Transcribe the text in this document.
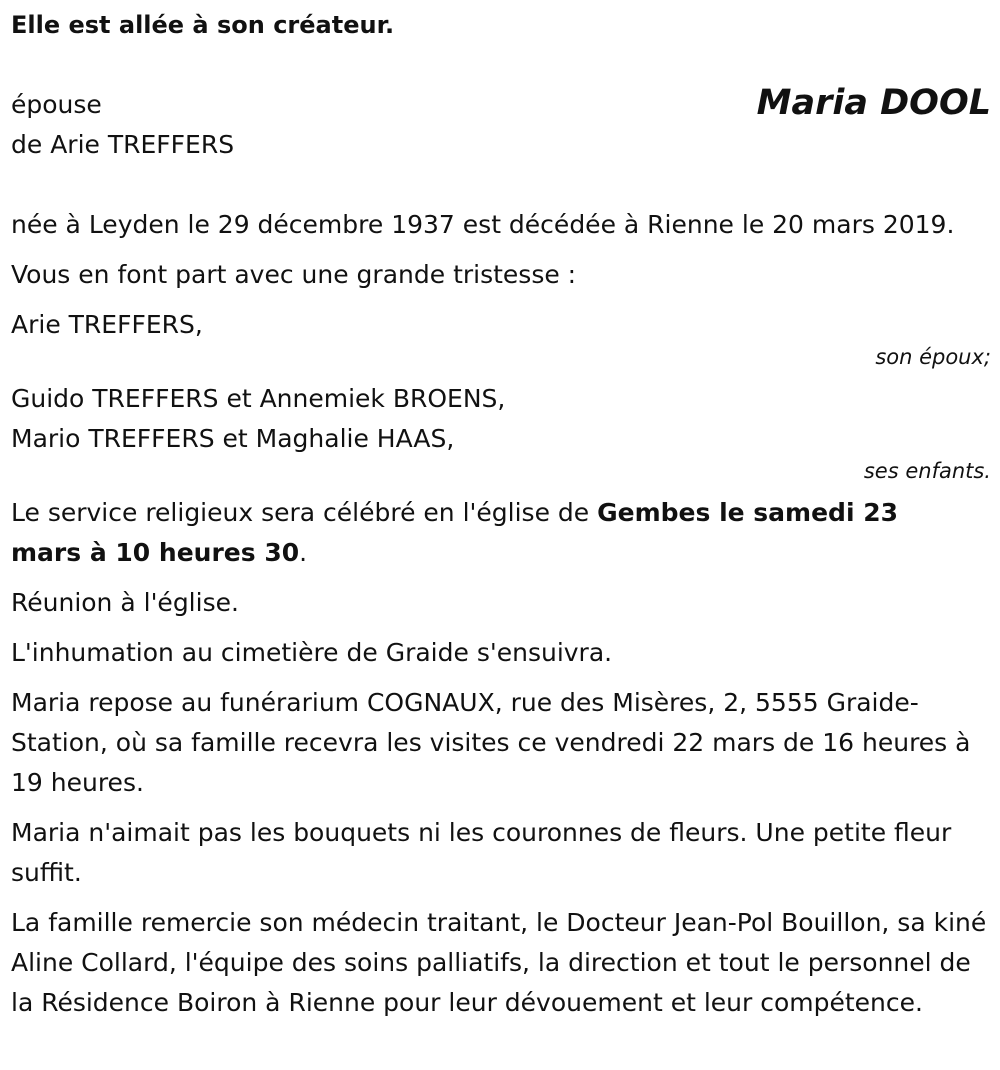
Elle est allée à son créateur.

épouse

de Arie TREFFERS

Maria DOOL

née à Leyden le 29 décembre 1937 est décédée à Rienne le 20 mars 2019.

Vous en font part avec une grande tristesse :

Arie TREFFERS,

son époux;

Guido TREFFERS et Annemiek BROENS,

Mario TREFFERS et Maghalie HAAS,

ses enfants.

Le service religieux sera célébré en l'église de Gembes le samedi 23 mars à 10 heures 30.

Réunion à l'église.

L'inhumation au cimetière de Graide s'ensuivra.

Maria repose au funérarium COGNAUX, rue des Misères, 2, 5555 Graide-Station, où sa famille recevra les visites ce vendredi 22 mars de 16 heures à 19 heures.

Maria n'aimait pas les bouquets ni les couronnes de fleurs. Une petite fleur suffit.

La famille remercie son médecin traitant, le Docteur Jean-Pol Bouillon, sa kiné Aline Collard, l'équipe des soins palliatifs, la direction et tout le personnel de la Résidence Boiron à Rienne pour leur dévouement et leur compétence.
